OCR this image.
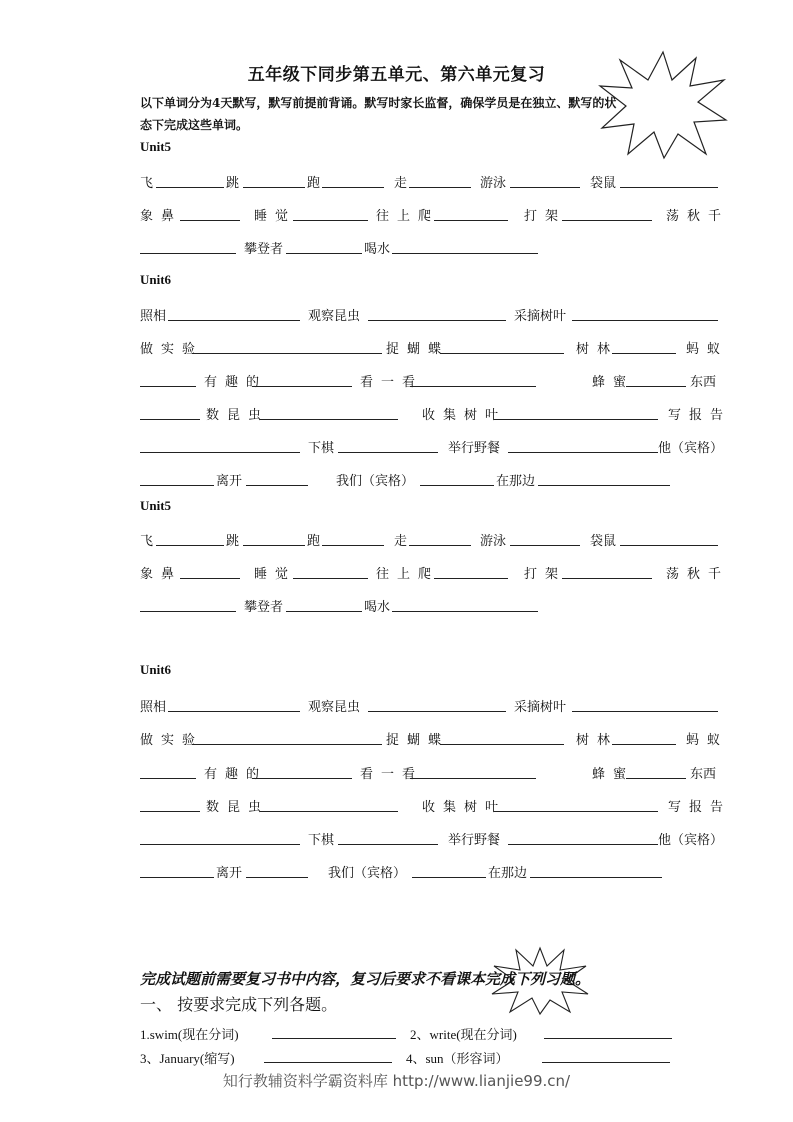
五年级下同步第五单元、第六单元复习
以下单词分为4天默写，默写前提前背诵。默写时家长监督，确保学员是在独立、默写的状态下完成这些单词。
Unit5
飞	跳	跑	走	游泳	袋鼠
象鼻	睡觉	往上爬	打架	荡秋千
攀登者	喝水
Unit6
照相	观察昆虫	采摘树叶
做实验	捉蝴蝶	树林	蚂蚁
有趣的	看一看	蜂蜜	东西
数昆虫	收集树叶	写报告
下棋	举行野餐	他（宾格）
离开	我们（宾格）	在那边
Unit5
飞	跳	跑	走	游泳	袋鼠
象鼻	睡觉	往上爬	打架	荡秋千
攀登者	喝水
Unit6
照相	观察昆虫	采摘树叶
做实验	捉蝴蝶	树林	蚂蚁
有趣的	看一看	蜂蜜	东西
数昆虫	收集树叶	写报告
下棋	举行野餐	他（宾格）
离开	我们（宾格）	在那边
完成试题前需要复习书中内容，复习后要求不看课本完成下列习题。
一、 按要求完成下列各题。
1.swim(现在分词)	2、write(现在分词)
3、January(缩写)	4、sun（形容词）
知行教辅资料学霸资料库 http://www.lianjie99.cn/
